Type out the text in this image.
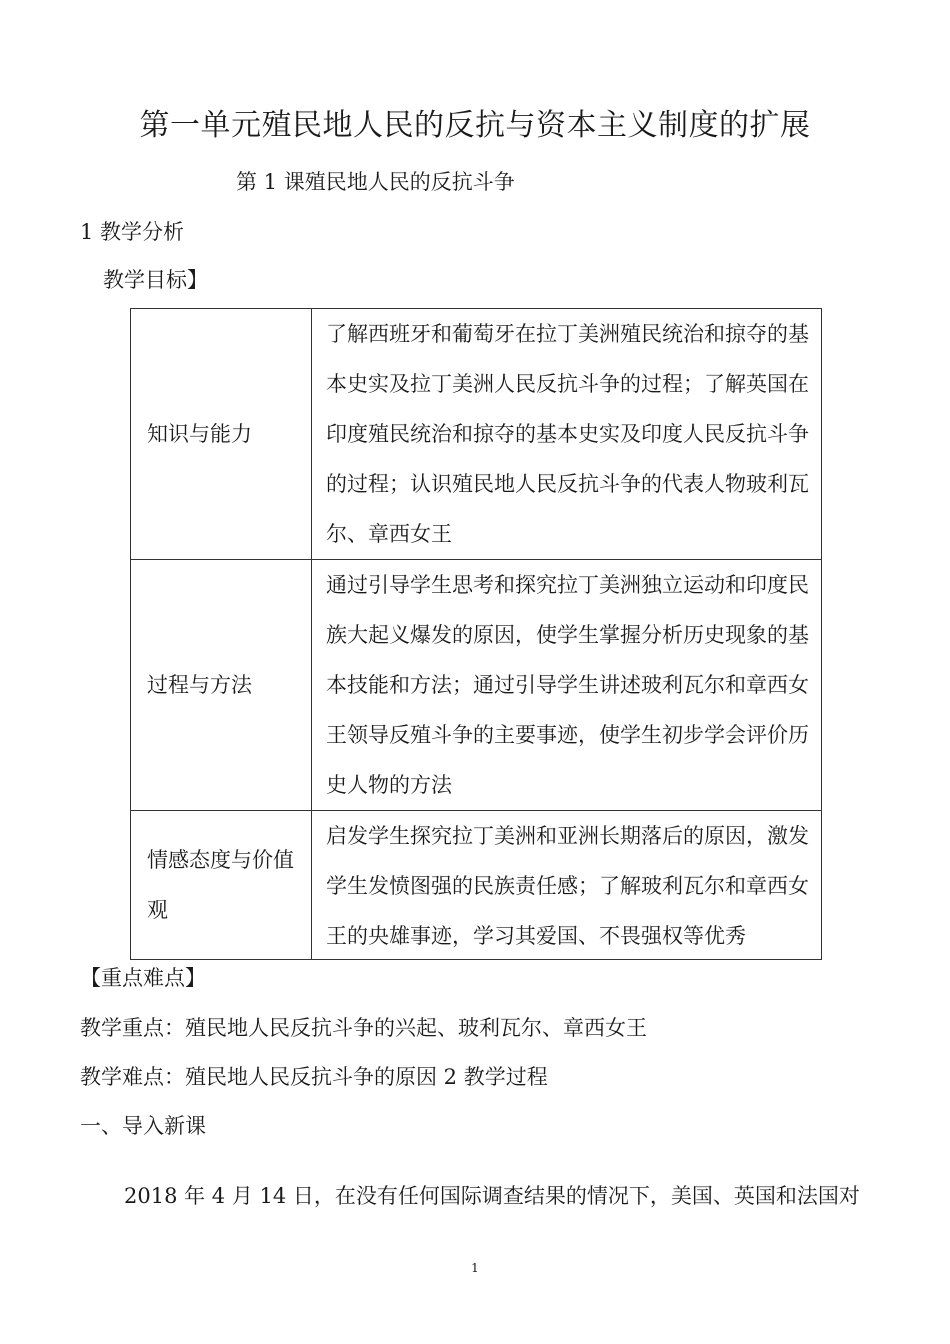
第一单元殖民地人民的反抗与资本主义制度的扩展
第 1 课殖民地人民的反抗斗争
1 教学分析
教学目标】
知识与能力	了解西班牙和葡萄牙在拉丁美洲殖民统治和掠夺的基本史实及拉丁美洲人民反抗斗争的过程；了解英国在印度殖民统治和掠夺的基本史实及印度人民反抗斗争的过程；认识殖民地人民反抗斗争的代表人物玻利瓦尔、章西女王
过程与方法	通过引导学生思考和探究拉丁美洲独立运动和印度民族大起义爆发的原因，使学生掌握分析历史现象的基本技能和方法；通过引导学生讲述玻利瓦尔和章西女王领导反殖斗争的主要事迹，使学生初步学会评价历史人物的方法
情感态度与价值观	启发学生探究拉丁美洲和亚洲长期落后的原因，激发学生发愤图强的民族责任感；了解玻利瓦尔和章西女王的央雄事迹，学习其爱国、不畏强权等优秀
【重点难点】
教学重点：殖民地人民反抗斗争的兴起、玻利瓦尔、章西女王
教学难点：殖民地人民反抗斗争的原因 2 教学过程
一、导入新课
2018 年 4 月 14 日，在没有任何国际调查结果的情况下，美国、英国和法国对
1
